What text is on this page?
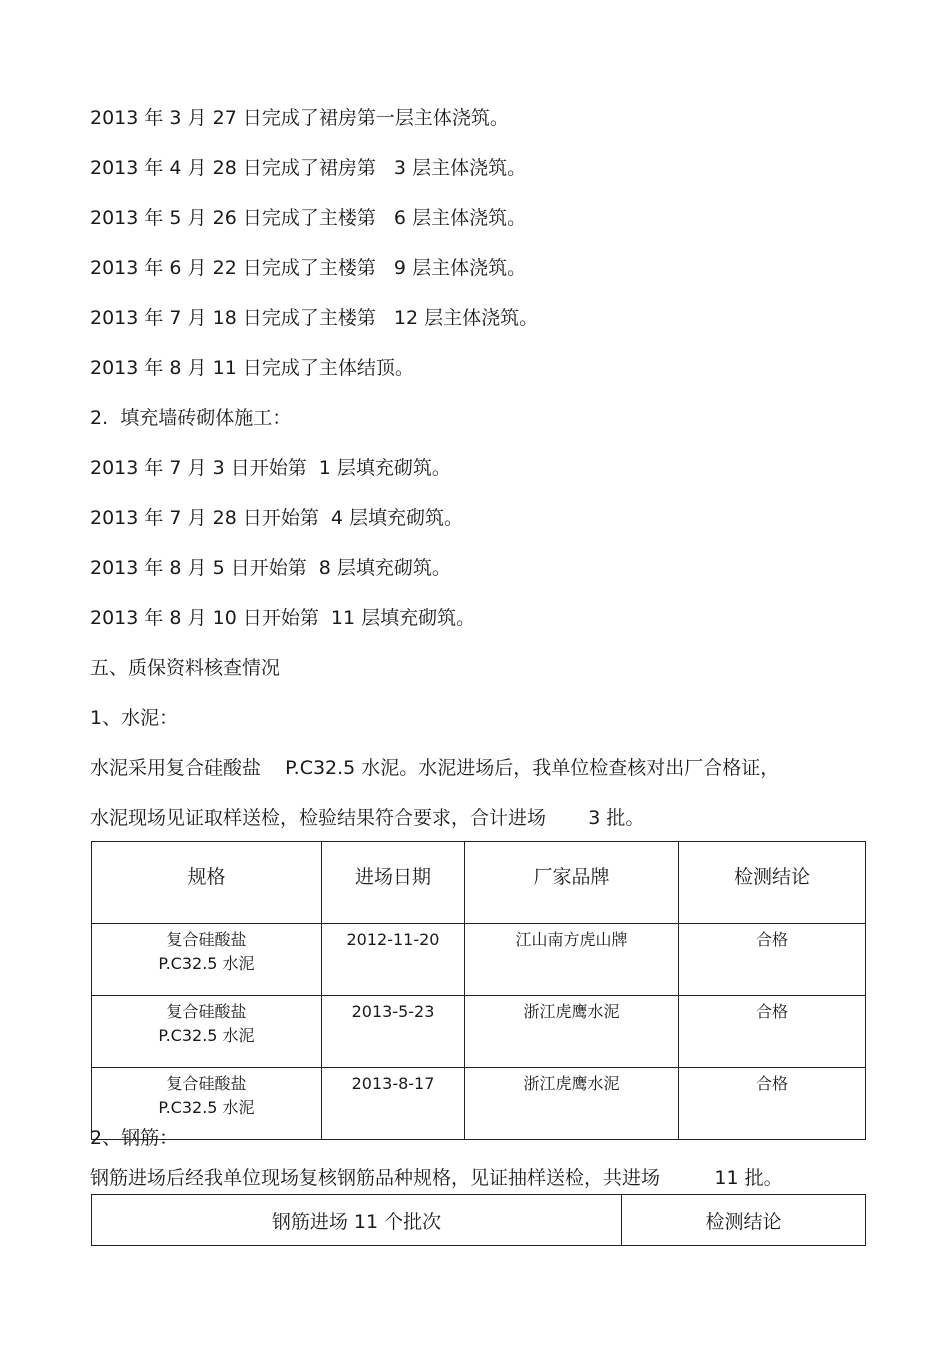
2013 年 3 月 27 日完成了裙房第一层主体浇筑。

2013 年 4 月 28 日完成了裙房第   3 层主体浇筑。

2013 年 5 月 26 日完成了主楼第   6 层主体浇筑。

2013 年 6 月 22 日完成了主楼第   9 层主体浇筑。

2013 年 7 月 18 日完成了主楼第   12 层主体浇筑。

2013 年 8 月 11 日完成了主体结顶。

2.  填充墙砖砌体施工：

2013 年 7 月 3 日开始第  1 层填充砌筑。

2013 年 7 月 28 日开始第  4 层填充砌筑。

2013 年 8 月 5 日开始第  8 层填充砌筑。

2013 年 8 月 10 日开始第  11 层填充砌筑。

五、质保资料核查情况

1、水泥：

水泥采用复合硅酸盐    P.C32.5 水泥。水泥进场后，我单位检查核对出厂合格证，

水泥现场见证取样送检，检验结果符合要求，合计进场       3 批。

规格	进场日期	厂家品牌	检测结论

复合硅酸盐
P.C32.5 水泥	2012-11-20	江山南方虎山牌	合格

复合硅酸盐
P.C32.5 水泥	2013-5-23	浙江虎鹰水泥	合格

复合硅酸盐
P.C32.5 水泥	2013-8-17	浙江虎鹰水泥	合格

2、钢筋：

钢筋进场后经我单位现场复核钢筋品种规格，见证抽样送检，共进场         11 批。

钢筋进场 11 个批次	检测结论
